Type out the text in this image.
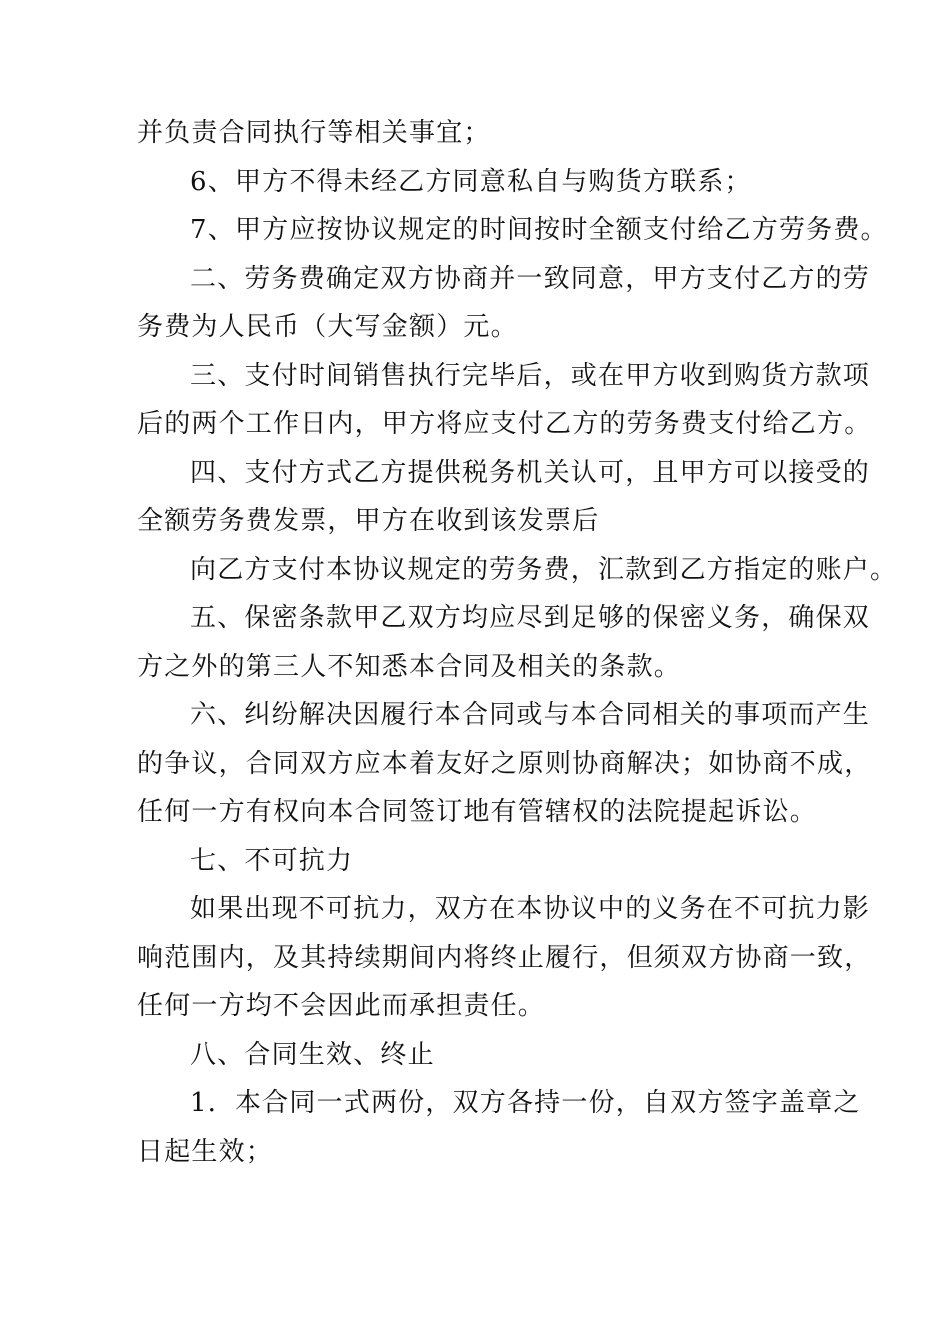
并负责合同执行等相关事宜；
6、甲方不得未经乙方同意私自与购货方联系；
7、甲方应按协议规定的时间按时全额支付给乙方劳务费。
二、劳务费确定双方协商并一致同意，甲方支付乙方的劳
务费为人民币（大写金额）元。
三、支付时间销售执行完毕后，或在甲方收到购货方款项
后的两个工作日内，甲方将应支付乙方的劳务费支付给乙方。
四、支付方式乙方提供税务机关认可，且甲方可以接受的
全额劳务费发票，甲方在收到该发票后
向乙方支付本协议规定的劳务费，汇款到乙方指定的账户。
五、保密条款甲乙双方均应尽到足够的保密义务，确保双
方之外的第三人不知悉本合同及相关的条款。
六、纠纷解决因履行本合同或与本合同相关的事项而产生
的争议，合同双方应本着友好之原则协商解决；如协商不成，
任何一方有权向本合同签订地有管辖权的法院提起诉讼。
七、不可抗力
如果出现不可抗力，双方在本协议中的义务在不可抗力影
响范围内，及其持续期间内将终止履行，但须双方协商一致，
任何一方均不会因此而承担责任。
八、合同生效、终止
1．本合同一式两份，双方各持一份，自双方签字盖章之
日起生效；
